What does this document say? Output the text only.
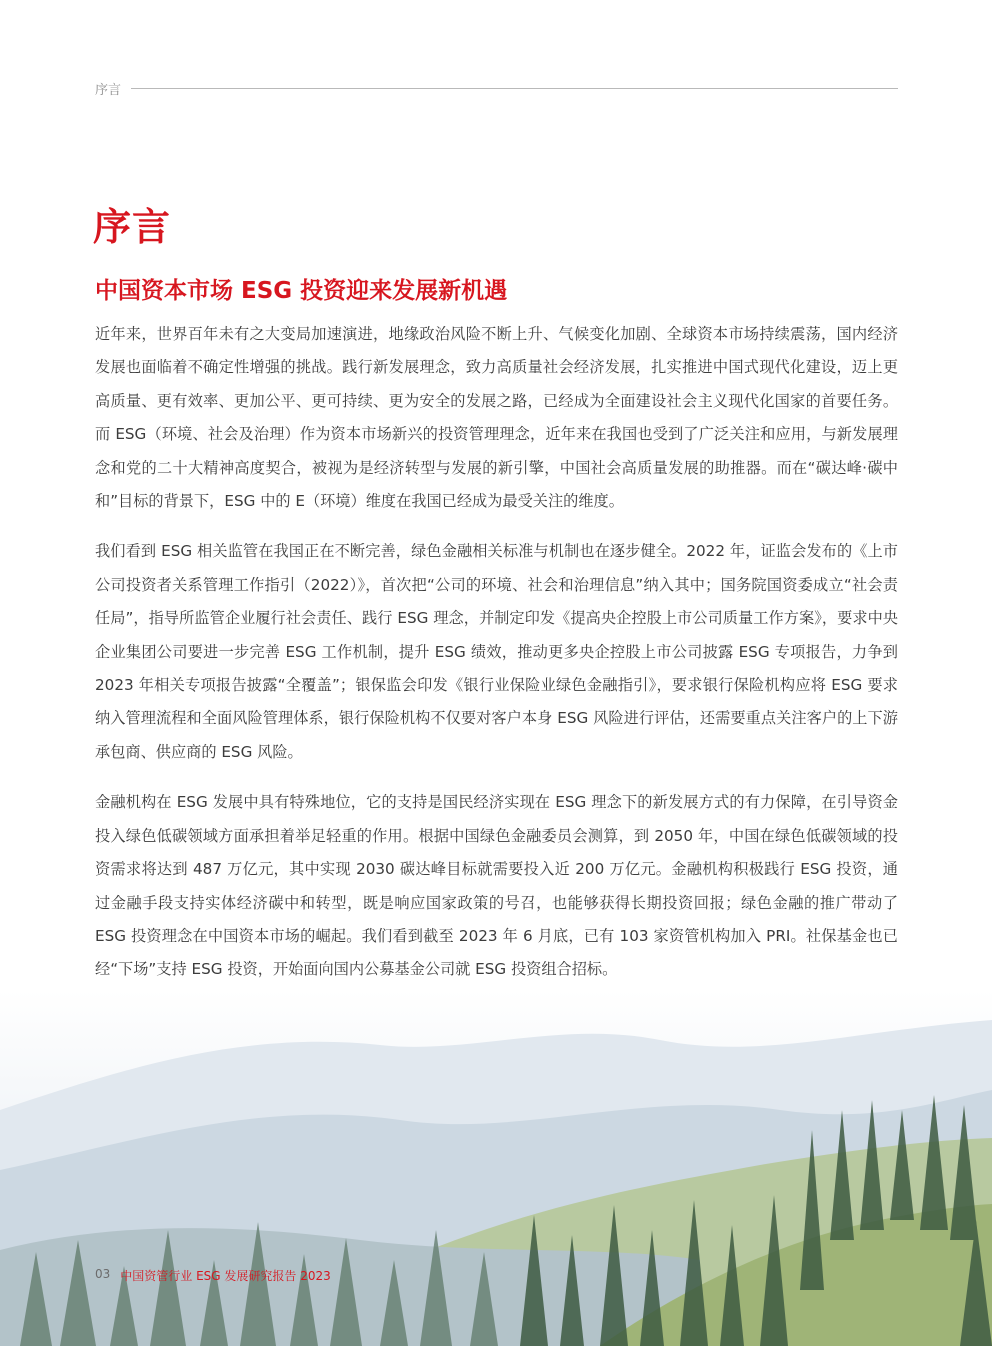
序言
序言
中国资本市场 ESG 投资迎来发展新机遇

近年来，世界百年未有之大变局加速演进，地缘政治风险不断上升、气候变化加剧、全球资本市场持续震荡，国内经济发展也面临着不确定性增强的挑战。践行新发展理念，致力高质量社会经济发展，扎实推进中国式现代化建设，迈上更高质量、更有效率、更加公平、更可持续、更为安全的发展之路，已经成为全面建设社会主义现代化国家的首要任务。而 ESG（环境、社会及治理）作为资本市场新兴的投资管理理念，近年来在我国也受到了广泛关注和应用，与新发展理念和党的二十大精神高度契合，被视为是经济转型与发展的新引擎，中国社会高质量发展的助推器。而在“碳达峰·碳中和”目标的背景下，ESG 中的 E（环境）维度在我国已经成为最受关注的维度。

我们看到 ESG 相关监管在我国正在不断完善，绿色金融相关标准与机制也在逐步健全。2022 年，证监会发布的《上市公司投资者关系管理工作指引（2022）》，首次把“公司的环境、社会和治理信息”纳入其中；国务院国资委成立“社会责任局”，指导所监管企业履行社会责任、践行 ESG 理念，并制定印发《提高央企控股上市公司质量工作方案》，要求中央企业集团公司要进一步完善 ESG 工作机制，提升 ESG 绩效，推动更多央企控股上市公司披露 ESG 专项报告，力争到 2023 年相关专项报告披露“全覆盖”；银保监会印发《银行业保险业绿色金融指引》，要求银行保险机构应将 ESG 要求纳入管理流程和全面风险管理体系，银行保险机构不仅要对客户本身 ESG 风险进行评估，还需要重点关注客户的上下游承包商、供应商的 ESG 风险。

金融机构在 ESG 发展中具有特殊地位，它的支持是国民经济实现在 ESG 理念下的新发展方式的有力保障，在引导资金投入绿色低碳领域方面承担着举足轻重的作用。根据中国绿色金融委员会测算，到 2050 年，中国在绿色低碳领域的投资需求将达到 487 万亿元，其中实现 2030 碳达峰目标就需要投入近 200 万亿元。金融机构积极践行 ESG 投资，通过金融手段支持实体经济碳中和转型，既是响应国家政策的号召，也能够获得长期投资回报；绿色金融的推广带动了 ESG 投资理念在中国资本市场的崛起。我们看到截至 2023 年 6 月底，已有 103 家资管机构加入 PRI。社保基金也已经“下场”支持 ESG 投资，开始面向国内公募基金公司就 ESG 投资组合招标。

03 中国资管行业 ESG 发展研究报告 2023
